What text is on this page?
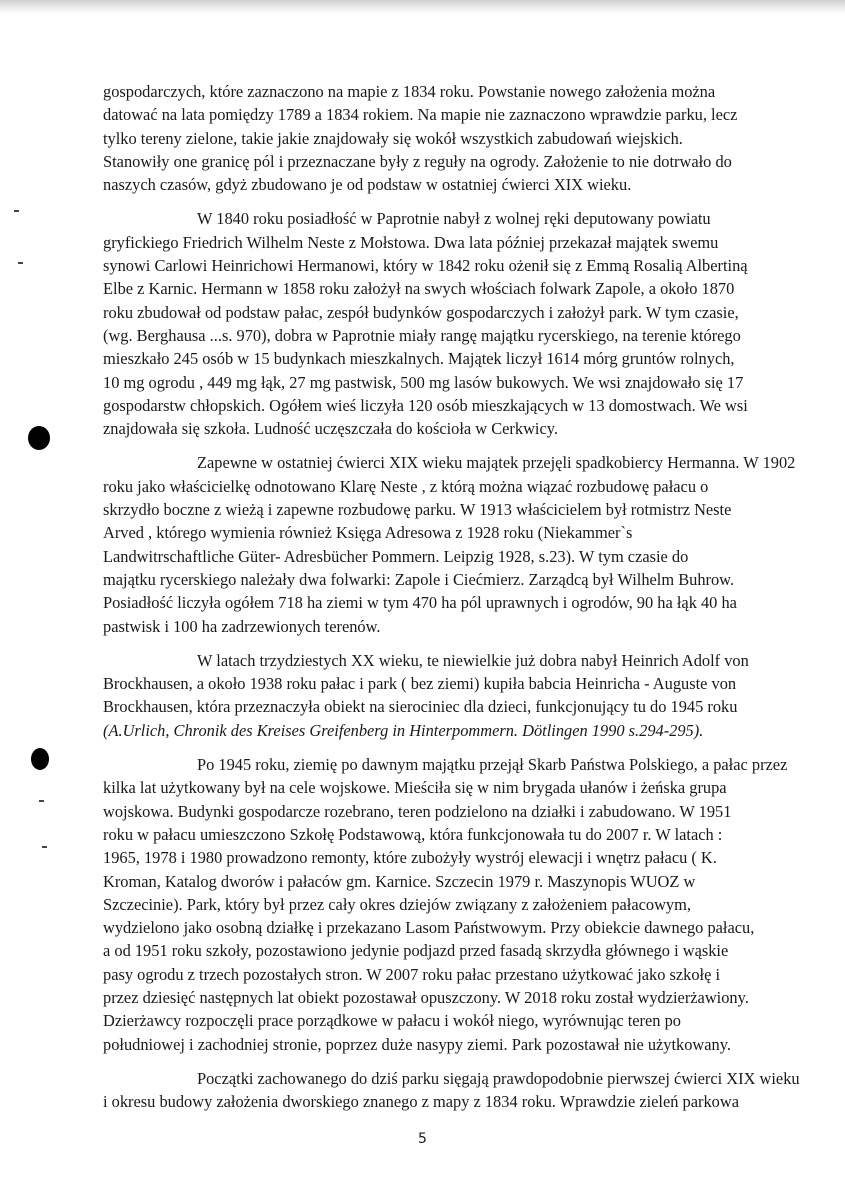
gospodarczych, które zaznaczono na mapie z 1834 roku. Powstanie nowego założenia można
datować na lata pomiędzy 1789 a 1834 rokiem. Na mapie nie zaznaczono wprawdzie parku, lecz
tylko tereny zielone, takie jakie znajdowały się wokół wszystkich zabudowań wiejskich.
Stanowiły one granicę pól i przeznaczane były z reguły na ogrody. Założenie to nie dotrwało do
naszych czasów, gdyż zbudowano je od podstaw w ostatniej ćwierci XIX wieku.

W 1840 roku posiadłość w Paprotnie nabył z wolnej ręki deputowany powiatu
gryfickiego Friedrich Wilhelm Neste z Mołstowa. Dwa lata później przekazał majątek swemu
synowi Carlowi Heinrichowi Hermanowi, który w 1842 roku ożenił się z Emmą Rosalią Albertiną
Elbe z Karnic. Hermann w 1858 roku założył na swych włościach folwark Zapole, a około 1870
roku zbudował od podstaw pałac, zespół budynków gospodarczych i założył park. W tym czasie,
(wg. Berghausa ...s. 970), dobra w Paprotnie miały rangę majątku rycerskiego, na terenie którego
mieszkało 245 osób w 15 budynkach mieszkalnych. Majątek liczył 1614 mórg gruntów rolnych,
10 mg ogrodu , 449 mg łąk, 27 mg pastwisk, 500 mg lasów bukowych. We wsi znajdowało się 17
gospodarstw chłopskich. Ogółem wieś liczyła 120 osób mieszkających w 13 domostwach. We wsi
znajdowała się szkoła. Ludność uczęszczała do kościoła w Cerkwicy.

Zapewne w ostatniej ćwierci XIX wieku majątek przejęli spadkobiercy Hermanna. W 1902
roku jako właścicielkę odnotowano Klarę Neste , z którą można wiązać rozbudowę pałacu o
skrzydło boczne z wieżą i zapewne rozbudowę parku. W 1913 właścicielem był rotmistrz Neste
Arved , którego wymienia również Księga Adresowa z 1928 roku (Niekammer`s
Landwitrschaftliche Güter- Adresbücher Pommern. Leipzig 1928, s.23). W tym czasie do
majątku rycerskiego należały dwa folwarki: Zapole i Ciećmierz. Zarządcą był Wilhelm Buhrow.
Posiadłość liczyła ogółem 718 ha ziemi w tym 470 ha pól uprawnych i ogrodów, 90 ha łąk 40 ha
pastwisk i 100 ha zadrzewionych terenów.

W latach trzydziestych XX wieku, te niewielkie już dobra nabył Heinrich Adolf von
Brockhausen, a około 1938 roku pałac i park ( bez ziemi) kupiła babcia Heinricha - Auguste von
Brockhausen, która przeznaczyła obiekt na sierociniec dla dzieci, funkcjonujący tu do 1945 roku
(A.Urlich, Chronik des Kreises Greifenberg in Hinterpommern. Dötlingen 1990 s.294-295).

Po 1945 roku, ziemię po dawnym majątku przejął Skarb Państwa Polskiego, a pałac przez
kilka lat użytkowany był na cele wojskowe. Mieściła się w nim brygada ułanów i żeńska grupa
wojskowa. Budynki gospodarcze rozebrano, teren podzielono na działki i zabudowano. W 1951
roku w pałacu umieszczono Szkołę Podstawową, która funkcjonowała tu do 2007 r. W latach :
1965, 1978 i 1980 prowadzono remonty, które zubożyły wystrój elewacji i wnętrz pałacu ( K.
Kroman, Katalog dworów i pałaców gm. Karnice. Szczecin 1979 r. Maszynopis WUOZ w
Szczecinie). Park, który był przez cały okres dziejów związany z założeniem pałacowym,
wydzielono jako osobną działkę i przekazano Lasom Państwowym. Przy obiekcie dawnego pałacu,
a od 1951 roku szkoły, pozostawiono jedynie podjazd przed fasadą skrzydła głównego i wąskie
pasy ogrodu z trzech pozostałych stron. W 2007 roku pałac przestano użytkować jako szkołę i
przez dziesięć następnych lat obiekt pozostawał opuszczony. W 2018 roku został wydzierżawiony.
Dzierżawcy rozpoczęli prace porządkowe w pałacu i wokół niego, wyrównując teren po
południowej i zachodniej stronie, poprzez duże nasypy ziemi. Park pozostawał nie użytkowany.

Początki zachowanego do dziś parku sięgają prawdopodobnie pierwszej ćwierci XIX wieku
i okresu budowy założenia dworskiego znanego z mapy z 1834 roku. Wprawdzie zieleń parkowa

5
